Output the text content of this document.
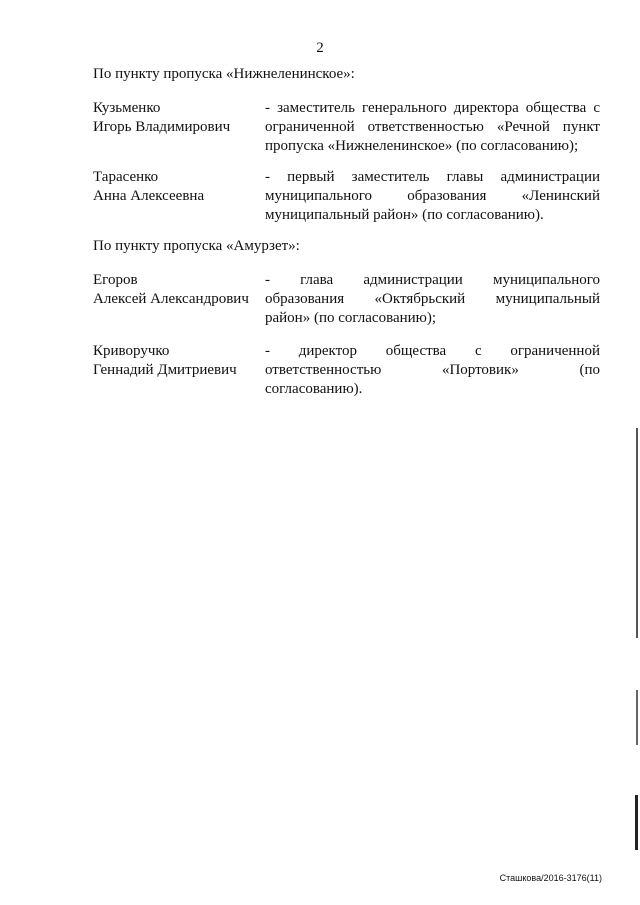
2
По пункту пропуска «Нижнеленинское»:
Кузьменко
Игорь Владимирович
- заместитель генерального директора общества с
ограниченной ответственностью «Речной пункт
пропуска «Нижнеленинское» (по согласованию);
Тарасенко
Анна Алексеевна
- первый заместитель главы администрации
муниципального образования «Ленинский
муниципальный район» (по согласованию).
По пункту пропуска «Амурзет»:
Егоров
Алексей Александрович
- глава администрации муниципального
образования «Октябрьский муниципальный
район» (по согласованию);
Криворучко
Геннадий Дмитриевич
- директор общества с ограниченной
ответственностью «Портовик» (по
согласованию).
Сташкова/2016-3176(11)
